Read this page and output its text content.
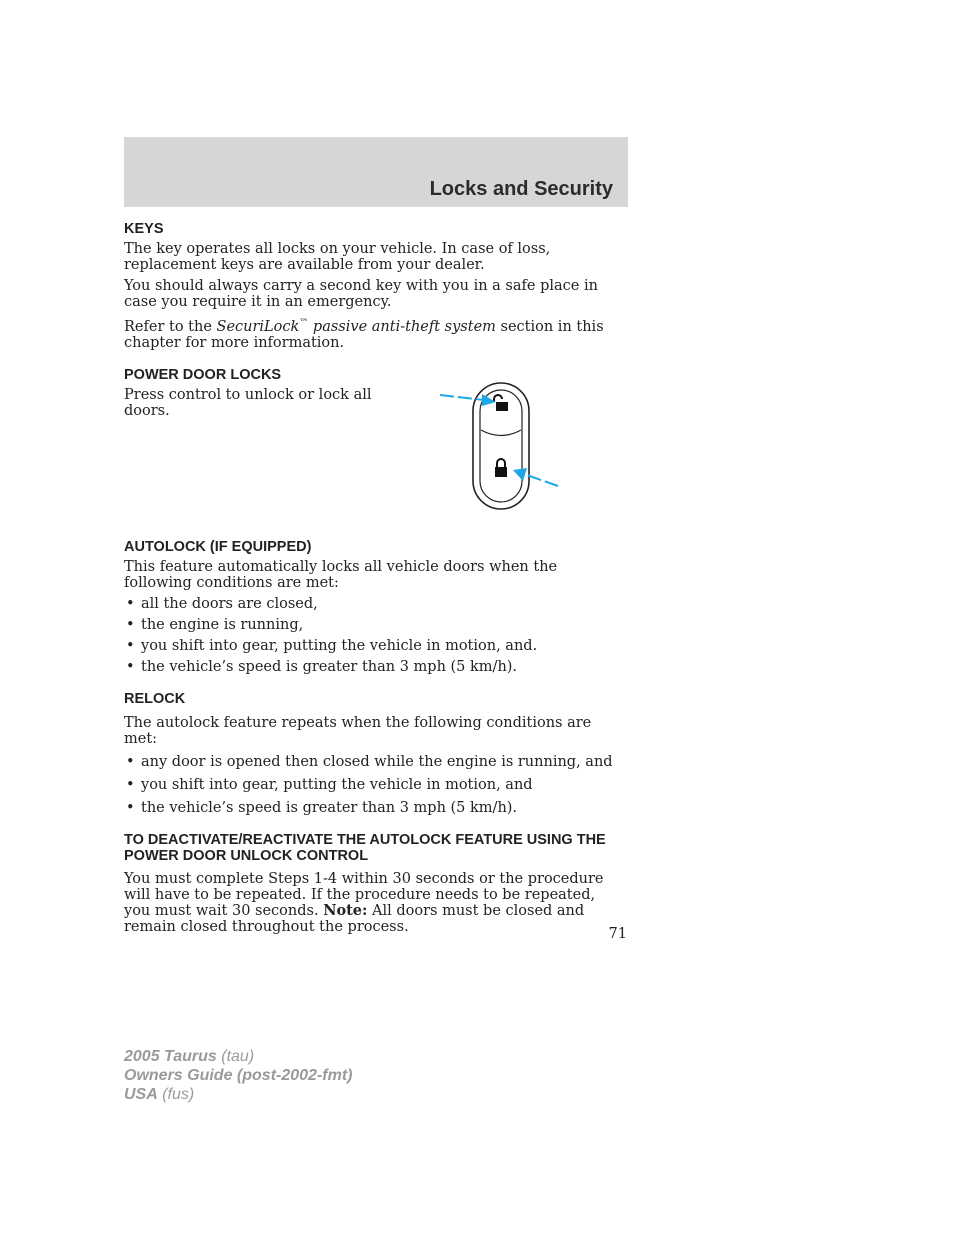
Locks and Security
KEYS

The key operates all locks on your vehicle. In case of loss, replacement keys are available from your dealer.

You should always carry a second key with you in a safe place in case you require it in an emergency.

Refer to the SecuriLock™ passive anti-theft system section in this chapter for more information.

POWER DOOR LOCKS

Press control to unlock or lock all doors.

AUTOLOCK (IF EQUIPPED)

This feature automatically locks all vehicle doors when the following conditions are met:

• all the doors are closed,
• the engine is running,
• you shift into gear, putting the vehicle in motion, and.
• the vehicle’s speed is greater than 3 mph (5 km/h).
RELOCK

The autolock feature repeats when the following conditions are met:

• any door is opened then closed while the engine is running, and
• you shift into gear, putting the vehicle in motion, and
• the vehicle’s speed is greater than 3 mph (5 km/h).
TO DEACTIVATE/REACTIVATE THE AUTOLOCK FEATURE USING THE POWER DOOR UNLOCK CONTROL

You must complete Steps 1-4 within 30 seconds or the procedure will have to be repeated. If the procedure needs to be repeated, you must wait 30 seconds. Note: All doors must be closed and remain closed throughout the process.	71
2005 Taurus (tau)
Owners Guide (post-2002-fmt)
USA (fus)
